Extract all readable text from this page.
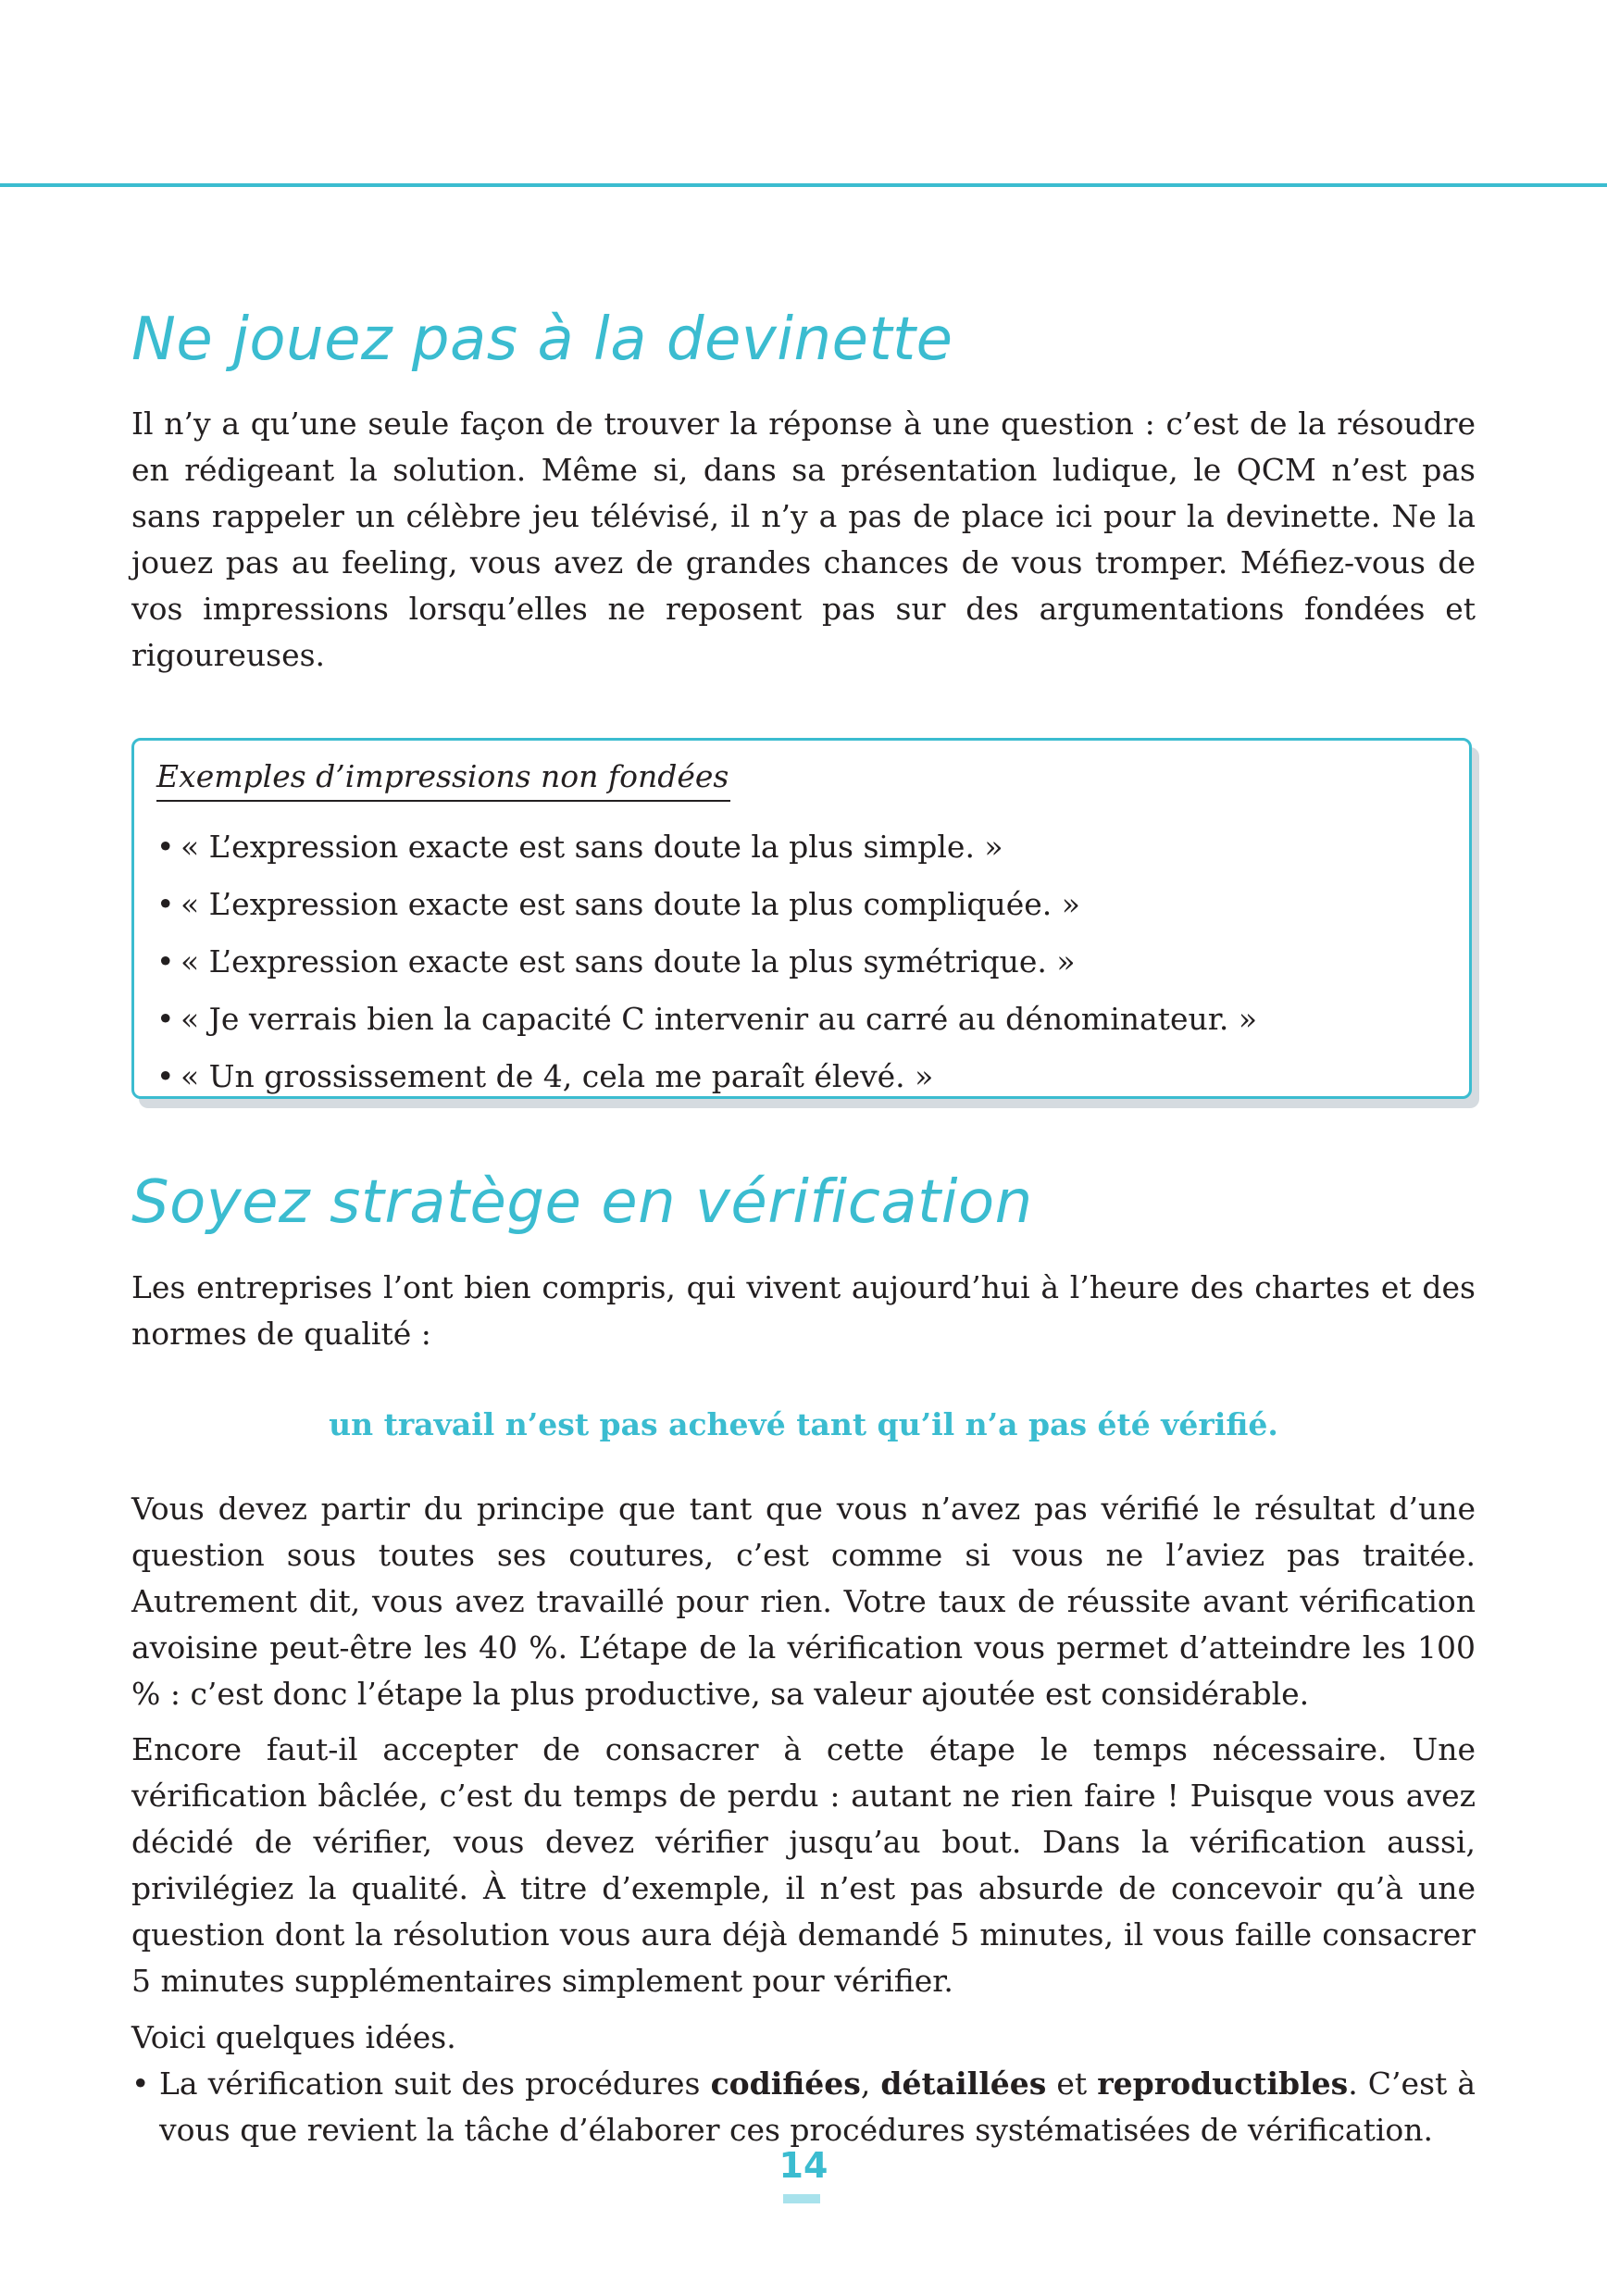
Ne jouez pas à la devinette

Il n’y a qu’une seule façon de trouver la réponse à une question : c’est de la résoudre en rédigeant la solution. Même si, dans sa présentation ludique, le QCM n’est pas sans rappeler un célèbre jeu télévisé, il n’y a pas de place ici pour la devinette. Ne la jouez pas au feeling, vous avez de grandes chances de vous tromper. Méfiez-vous de vos impressions lorsqu’elles ne reposent pas sur des argumentations fondées et rigoureuses.

Exemples d’impressions non fondées
• « L’expression exacte est sans doute la plus simple. »
• « L’expression exacte est sans doute la plus compliquée. »
• « L’expression exacte est sans doute la plus symétrique. »
• « Je verrais bien la capacité C intervenir au carré au dénominateur. »
• « Un grossissement de 4, cela me paraît élevé. »
Soyez stratège en vérification

Les entreprises l’ont bien compris, qui vivent aujourd’hui à l’heure des chartes et des normes de qualité :

un travail n’est pas achevé tant qu’il n’a pas été vérifié.

Vous devez partir du principe que tant que vous n’avez pas vérifié le résultat d’une question sous toutes ses coutures, c’est comme si vous ne l’aviez pas traitée. Autrement dit, vous avez travaillé pour rien. Votre taux de réussite avant vérification avoisine peut-être les 40 %. L’étape de la vérification vous permet d’atteindre les 100 % : c’est donc l’étape la plus productive, sa valeur ajoutée est considérable.

Encore faut-il accepter de consacrer à cette étape le temps nécessaire. Une vérification bâclée, c’est du temps de perdu : autant ne rien faire ! Puisque vous avez décidé de vérifier, vous devez vérifier jusqu’au bout. Dans la vérification aussi, privilégiez la qualité. À titre d’exemple, il n’est pas absurde de concevoir qu’à une question dont la résolution vous aura déjà demandé 5 minutes, il vous faille consacrer 5 minutes supplémentaires simplement pour vérifier.

Voici quelques idées.

• La vérification suit des procédures codifiées, détaillées et reproductibles. C’est à vous que revient la tâche d’élaborer ces procédures systématisées de vérification.
14
